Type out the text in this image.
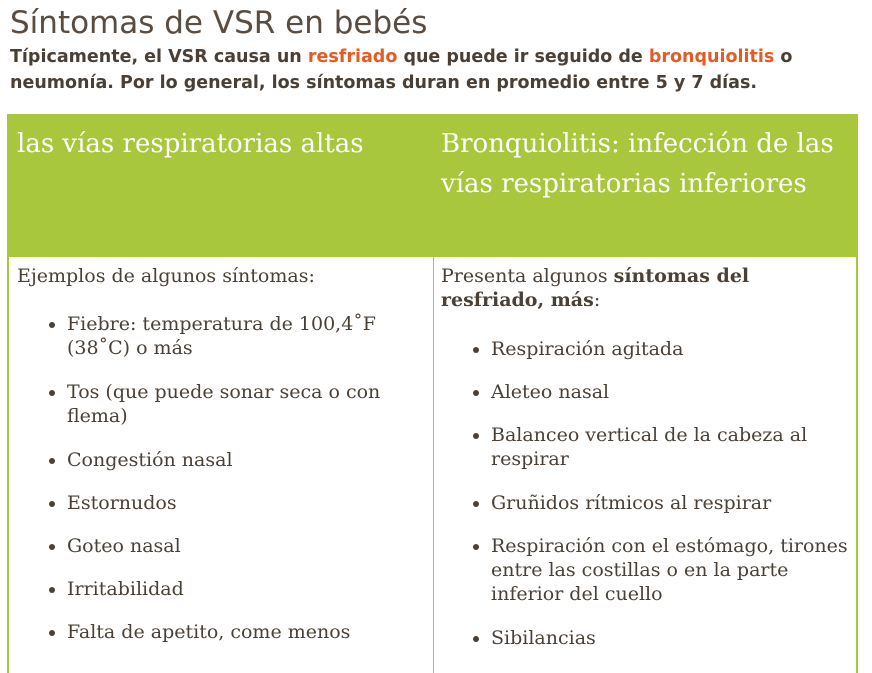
Síntomas de VSR en bebés
Típicamente, el VSR causa un resfriado que puede ir seguido de bronquiolitis o neumonía. Por lo general, los síntomas duran en promedio entre 5 y 7 días.
las vías respiratorias altas	Bronquiolitis: infección de las vías respiratorias inferiores

Ejemplos de algunos síntomas:

Fiebre: temperatura de 100,4˚F (38˚C) o más
Tos (que puede sonar seca o con flema)
Congestión nasal
Estornudos
Goteo nasal
Irritabilidad
Falta de apetito, come menos

Presenta algunos síntomas del resfriado, más:

Respiración agitada
Aleteo nasal
Balanceo vertical de la cabeza al respirar
Gruñidos rítmicos al respirar
Respiración con el estómago, tirones entre las costillas o en la parte inferior del cuello
Sibilancias
